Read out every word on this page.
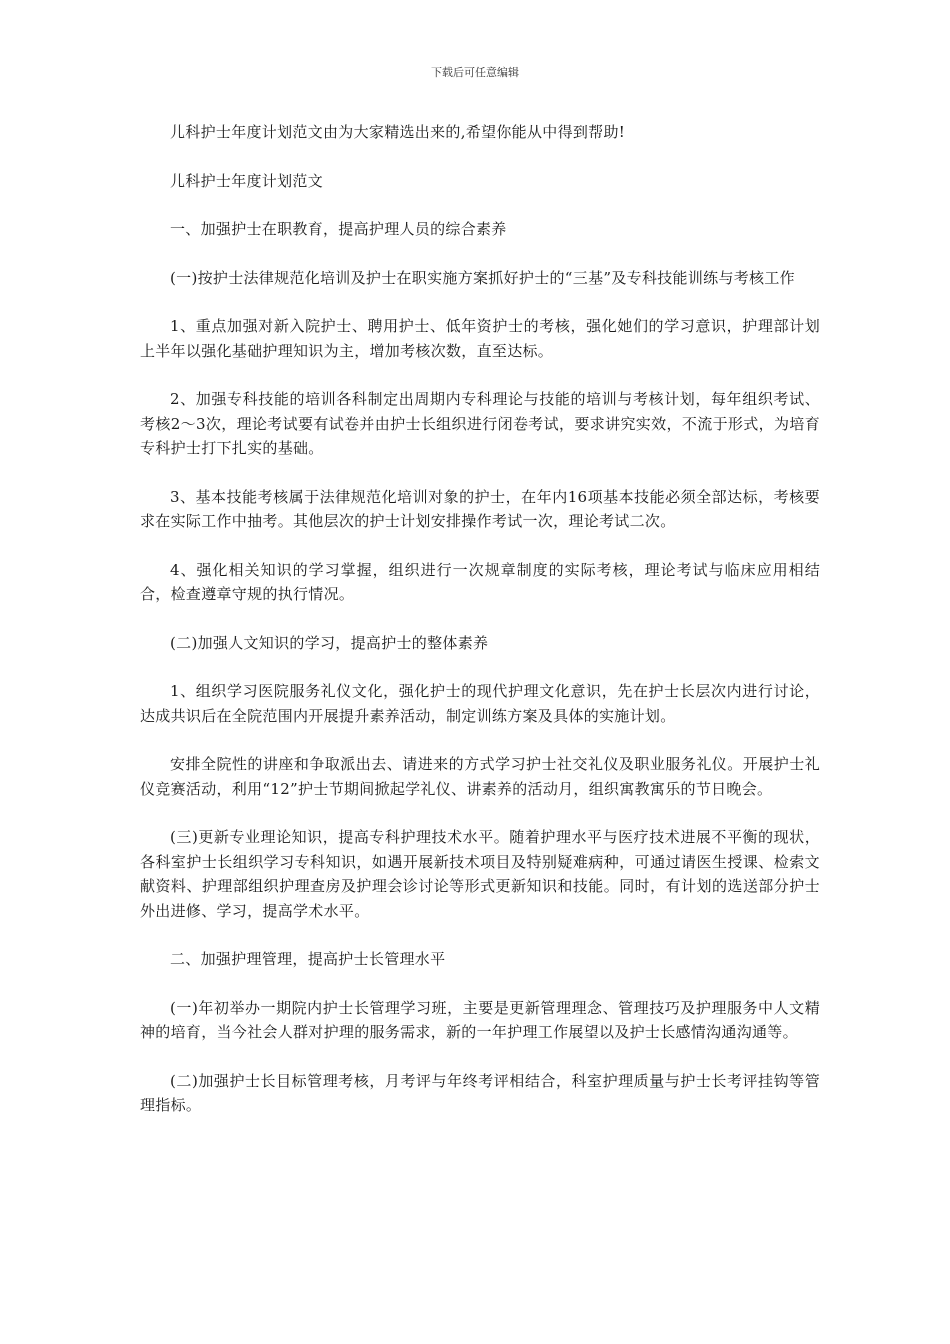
下载后可任意编辑

儿科护士年度计划范文由为大家精选出来的,希望你能从中得到帮助!

儿科护士年度计划范文

一、加强护士在职教育，提高护理人员的综合素养

(一)按护士法律规范化培训及护士在职实施方案抓好护士的“三基”及专科技能训练与考核工作

1、重点加强对新入院护士、聘用护士、低年资护士的考核，强化她们的学习意识，护理部计划上半年以强化基础护理知识为主，增加考核次数，直至达标。

2、加强专科技能的培训各科制定出周期内专科理论与技能的培训与考核计划，每年组织考试、考核2～3次，理论考试要有试卷并由护士长组织进行闭卷考试，要求讲究实效，不流于形式，为培育专科护士打下扎实的基础。

3、基本技能考核属于法律规范化培训对象的护士，在年内16项基本技能必须全部达标，考核要求在实际工作中抽考。其他层次的护士计划安排操作考试一次，理论考试二次。

4、强化相关知识的学习掌握，组织进行一次规章制度的实际考核，理论考试与临床应用相结合，检查遵章守规的执行情况。

(二)加强人文知识的学习，提高护士的整体素养

1、组织学习医院服务礼仪文化，强化护士的现代护理文化意识，先在护士长层次内进行讨论，达成共识后在全院范围内开展提升素养活动，制定训练方案及具体的实施计划。

安排全院性的讲座和争取派出去、请进来的方式学习护士社交礼仪及职业服务礼仪。开展护士礼仪竞赛活动，利用“12”护士节期间掀起学礼仪、讲素养的活动月，组织寓教寓乐的节日晚会。

(三)更新专业理论知识，提高专科护理技术水平。随着护理水平与医疗技术进展不平衡的现状，各科室护士长组织学习专科知识，如遇开展新技术项目及特别疑难病种，可通过请医生授课、检索文献资料、护理部组织护理查房及护理会诊讨论等形式更新知识和技能。同时，有计划的选送部分护士外出进修、学习，提高学术水平。

二、加强护理管理，提高护士长管理水平

(一)年初举办一期院内护士长管理学习班，主要是更新管理理念、管理技巧及护理服务中人文精神的培育，当今社会人群对护理的服务需求，新的一年护理工作展望以及护士长感情沟通沟通等。

(二)加强护士长目标管理考核，月考评与年终考评相结合，科室护理质量与护士长考评挂钩等管理指标。
